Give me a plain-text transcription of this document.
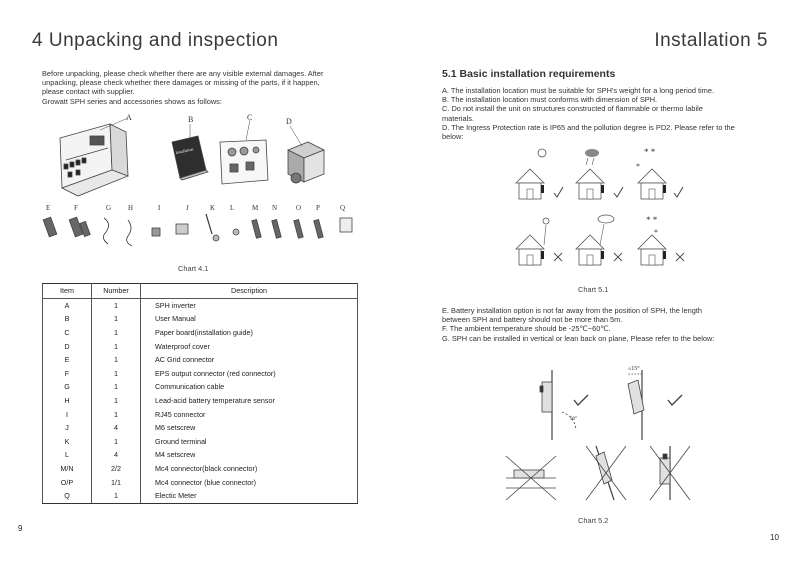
4 Unpacking and inspection
Before unpacking, please check whether there are any visible external damages. After
unpacking, please check whether there damages or missing of the parts, if it happen,
please contact with supplier.
Growatt SPH series and accessories shows as follows:
A	B	C	D
Installation
E	F	G H	I	J	K L	M N	O P	Q
Chart 4.1
Item	Number	Description
A	1	SPH inverter
B	1	User Manual
C	1	Paper board(installation guide)
D	1	Waterproof cover
E	1	AC Grid connector
F	1	EPS output connector (red connector)
G	1	Communication cable
H	1	Lead-acid battery temperature sensor
I	1	RJ45 connector
J	4	M6 setscrew
K	1	Ground terminal
L	4	M4 setscrew
M/N	2/2	Mc4 connector(black connector)
O/P	1/1	Mc4 connector (blue connector)
Q	1	Electic Meter
9
Installation 5
5.1 Basic installation requirements
A. The installation location must be suitable for SPH's weight for a long period time.
B. The installation location must conforms with dimension of SPH.
C. Do not install the unit on structures constructed of flammable or thermo labile
materials.
D. The Ingress Protection rate is IP65 and the pollution degree is PD2. Please refer to the
below:
* *
*
* *
*
Chart 5.1
E. Battery installation option is not far away from the position of SPH, the length
between SPH and battery should not be more than 5m.
F. The ambient temperature should be -25℃~60℃.
G. SPH can be installed in vertical or lean back on plane, Please refer to the below:
90°
≤15°
Chart 5.2
10
